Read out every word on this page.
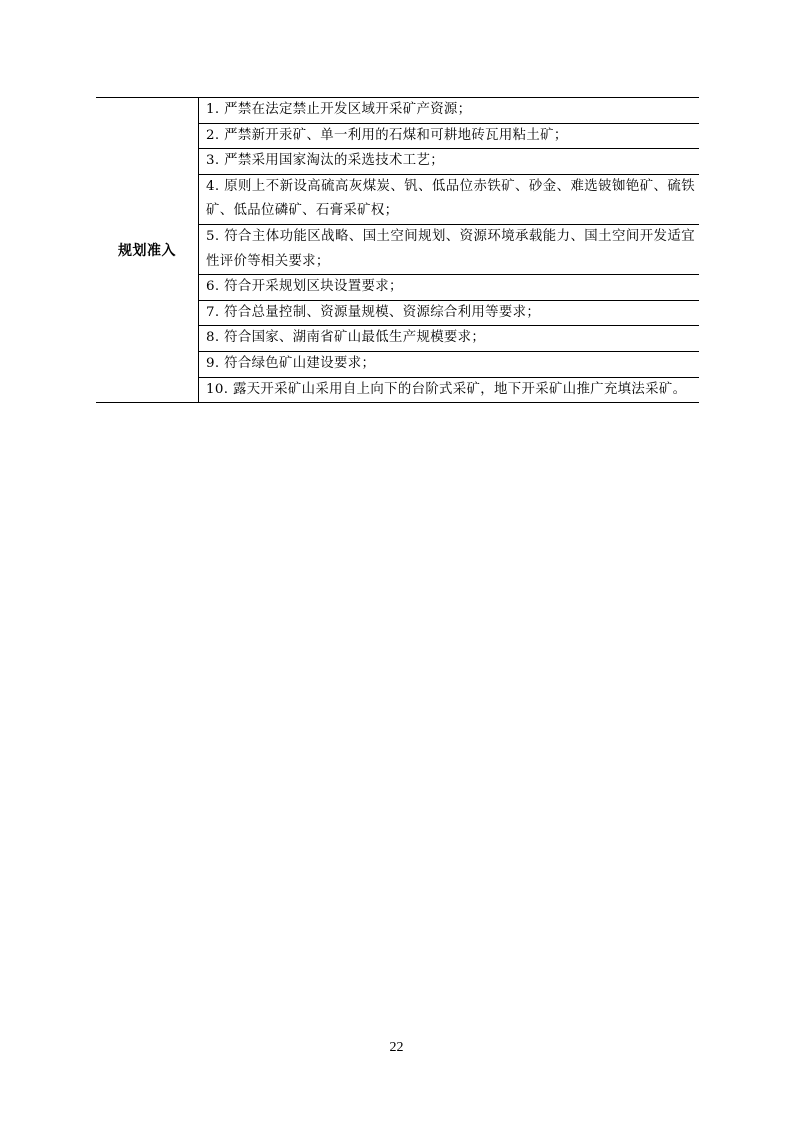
规划准入	
1. 严禁在法定禁止开发区域开采矿产资源；
2. 严禁新开汞矿、单一利用的石煤和可耕地砖瓦用粘土矿；
3. 严禁采用国家淘汰的采选技术工艺；
4. 原则上不新设高硫高灰煤炭、钒、低品位赤铁矿、砂金、难选铍铷铯矿、硫铁矿、低品位磷矿、石膏采矿权；
5. 符合主体功能区战略、国土空间规划、资源环境承载能力、国土空间开发适宜性评价等相关要求；
6. 符合开采规划区块设置要求；
7. 符合总量控制、资源量规模、资源综合利用等要求；
8. 符合国家、湖南省矿山最低生产规模要求；
9. 符合绿色矿山建设要求；
10. 露天开采矿山采用自上向下的台阶式采矿，地下开采矿山推广充填法采矿。
22
